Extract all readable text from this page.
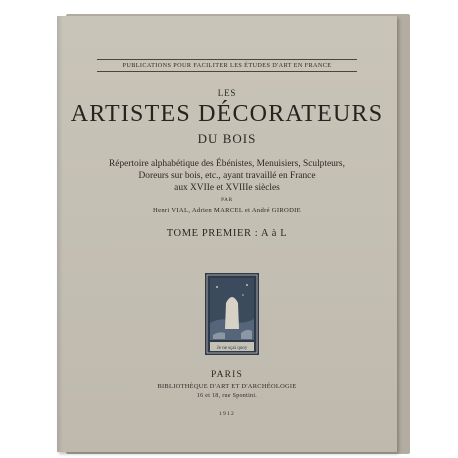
PUBLICATIONS POUR FACILITER LES ÉTUDES D'ART EN FRANCE
LES
ARTISTES DÉCORATEURS
DU BOIS
Répertoire alphabétique des Ébénistes, Menuisiers, Sculpteurs,
Doreurs sur bois, etc., ayant travaillé en France
aux XVIIe et XVIIIe siècles
PAR
Henri VIAL, Adrien MARCEL et André GIRODIE
TOME PREMIER : A à L
Je ne sçai quoy
PARIS
BIBLIOTHÈQUE D'ART ET D'ARCHÉOLOGIE
16 et 18, rue Spontini.
1912
